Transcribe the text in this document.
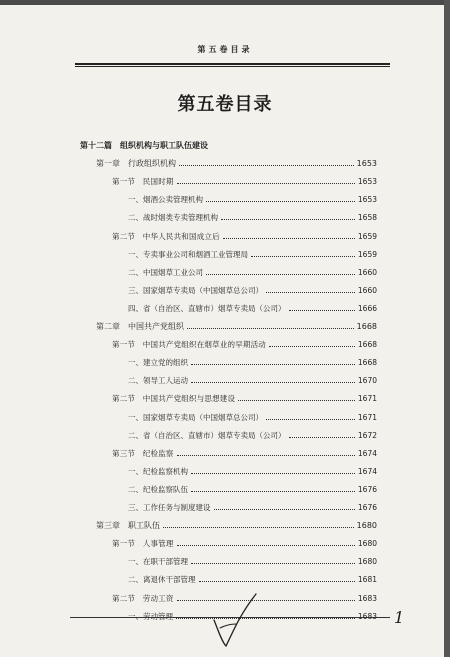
第五卷目录
第五卷目录
第十二篇　组织机构与职工队伍建设
第一章　行政组织机构	1653
第一节　民国时期	1653
一、烟酒公卖管理机构	1653
二、战时烟类专卖管理机构	1658
第二节　中华人民共和国成立后	1659
一、专卖事业公司和烟酒工业管理局	1659
二、中国烟草工业公司	1660
三、国家烟草专卖局（中国烟草总公司）	1660
四、省（自治区、直辖市）烟草专卖局（公司）	1666
第二章　中国共产党组织	1668
第一节　中国共产党组织在烟草业的早期活动	1668
一、建立党的组织	1668
二、领导工人运动	1670
第二节　中国共产党组织与思想建设	1671
一、国家烟草专卖局（中国烟草总公司）	1671
二、省（自治区、直辖市）烟草专卖局（公司）	1672
第三节　纪检监察	1674
一、纪检监察机构	1674
二、纪检监察队伍	1676
三、工作任务与制度建设	1676
第三章　职工队伍	1680
第一节　人事管理	1680
一、在职干部管理	1680
二、离退休干部管理	1681
第二节　劳动工资	1683
1
